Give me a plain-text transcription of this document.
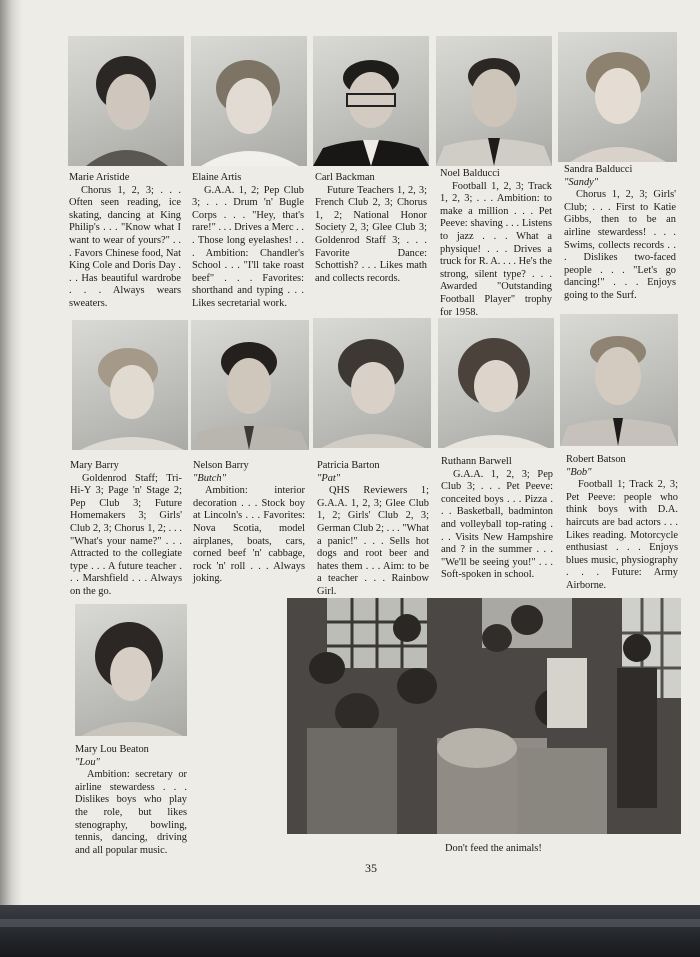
Marie Aristide
Chorus 1, 2, 3; . . . Often seen reading, ice skating, dancing at King Philip's . . . "Know what I want to wear of yours?" . . . Favors Chinese food, Nat King Cole and Doris Day . . . Has beautiful wardrobe . . . Always wears sweaters.
Elaine Artis
G.A.A. 1, 2; Pep Club 3; . . . Drum 'n' Bugle Corps . . . "Hey, that's rare!" . . . Drives a Merc . . . Those long eyelashes! . . . Ambition: Chandler's School . . . "I'll take roast beef" . . . Favorites: shorthand and typing . . . Likes secretarial work.
Carl Backman
Future Teachers 1, 2, 3; French Club 2, 3; Chorus 1, 2; National Honor Society 2, 3; Glee Club 3; Goldenrod Staff 3; . . . Favorite Dance: Schottish? . . . Likes math and collects records.
Noel Balducci
Football 1, 2, 3; Track 1, 2, 3; . . . Ambition: to make a million . . . Pet Peeve: shaving . . . Listens to jazz . . . What a physique! . . . Drives a truck for R. A. . . . He's the strong, silent type? . . . Awarded "Outstanding Football Player" trophy for 1958.
Sandra Balducci
"Sandy"
Chorus 1, 2, 3; Girls' Club; . . . First to Katie Gibbs, then to be an airline stewardess! . . . Swims, collects records . . . Dislikes two-faced people . . . "Let's go dancing!" . . . Enjoys going to the Surf.
Mary Barry
Goldenrod Staff; Tri-Hi-Y 3; Page 'n' Stage 2; Pep Club 3; Future Homemakers 3; Girls' Club 2, 3; Chorus 1, 2; . . . "What's your name?" . . . Attracted to the collegiate type . . . A future teacher . . . Marshfield . . . Always on the go.
Nelson Barry
"Butch"
Ambition: interior decoration . . . Stock boy at Lincoln's . . . Favorites: Nova Scotia, model airplanes, boats, cars, corned beef 'n' cabbage, rock 'n' roll . . . Always joking.
Patricia Barton
"Pat"
QHS Reviewers 1; G.A.A. 1, 2, 3; Glee Club 1, 2; Girls' Club 2, 3; German Club 2; . . . "What a panic!" . . . Sells hot dogs and root beer and hates them . . . Aim: to be a teacher . . . Rainbow Girl.
Ruthann Barwell
G.A.A. 1, 2, 3; Pep Club 3; . . . Pet Peeve: conceited boys . . . Pizza . . . Basketball, badminton and volleyball top-rating . . . Visits New Hampshire and ? in the summer . . . "We'll be seeing you!" . . . Soft-spoken in school.
Robert Batson
"Bob"
Football 1; Track 2, 3; Pet Peeve: people who think boys with D.A. haircuts are bad actors . . . Likes reading. Motorcycle enthusiast . . . Enjoys blues music, physiography . . . Future: Army Airborne.
Mary Lou Beaton
"Lou"
Ambition: secretary or airline stewardess . . . Dislikes boys who play the role, but likes stenography, bowling, tennis, dancing, driving and all popular music.	Don't feed the animals!
35
